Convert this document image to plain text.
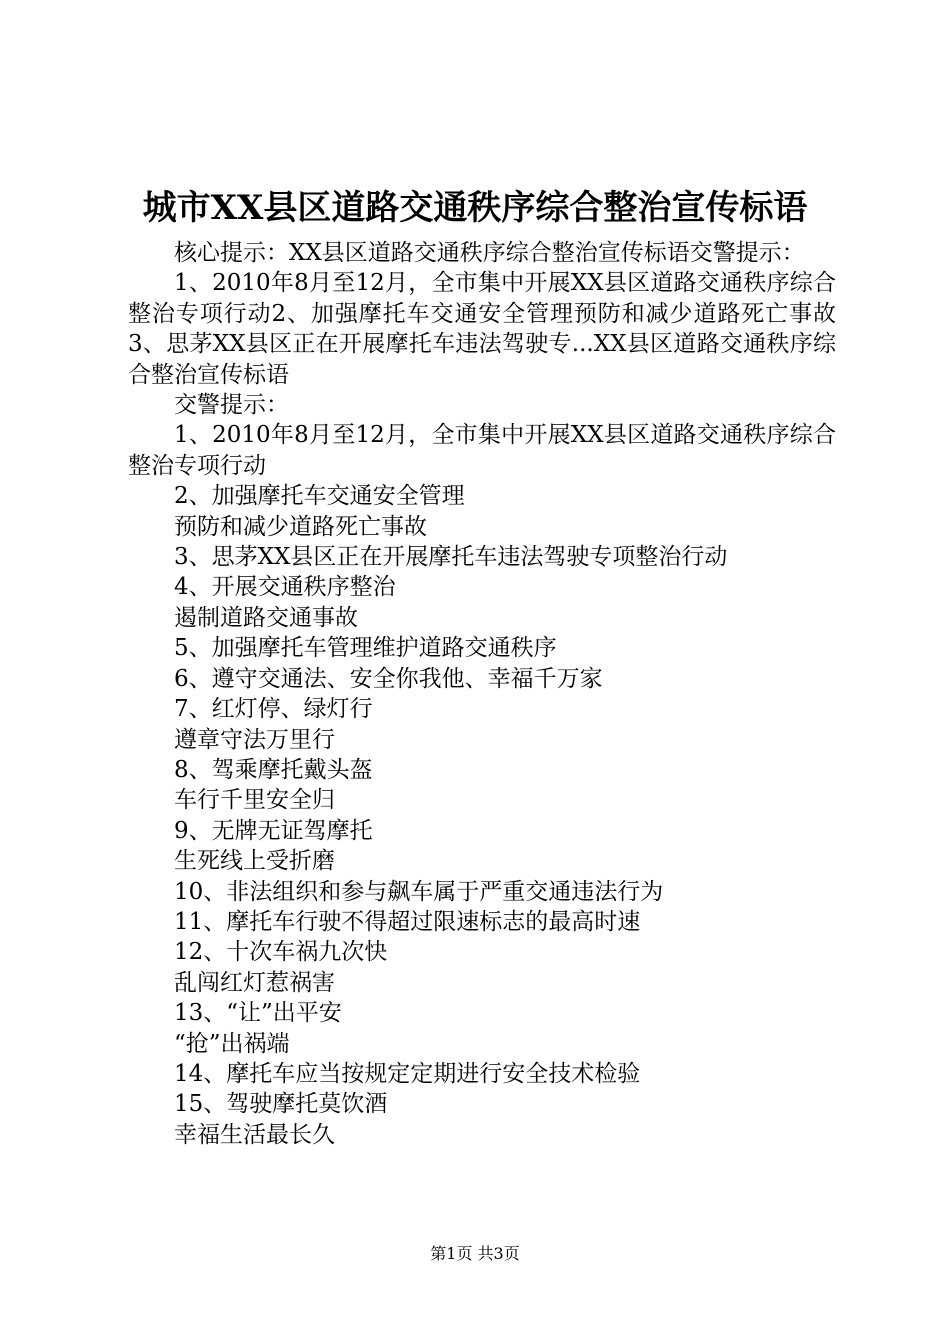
城市XX县区道路交通秩序综合整治宣传标语

核心提示：XX县区道路交通秩序综合整治宣传标语交警提示：

1、2010年8月至12月，全市集中开展XX县区道路交通秩序综合整治专项行动2、加强摩托车交通安全管理预防和减少道路死亡事故3、思茅XX县区正在开展摩托车违法驾驶专...XX县区道路交通秩序综合整治宣传标语

交警提示：

1、2010年8月至12月，全市集中开展XX县区道路交通秩序综合整治专项行动

2、加强摩托车交通安全管理

预防和减少道路死亡事故

3、思茅XX县区正在开展摩托车违法驾驶专项整治行动

4、开展交通秩序整治

遏制道路交通事故

5、加强摩托车管理维护道路交通秩序

6、遵守交通法、安全你我他、幸福千万家

7、红灯停、绿灯行

遵章守法万里行

8、驾乘摩托戴头盔

车行千里安全归

9、无牌无证驾摩托

生死线上受折磨

10、非法组织和参与飙车属于严重交通违法行为

11、摩托车行驶不得超过限速标志的最高时速

12、十次车祸九次快

乱闯红灯惹祸害

13、“让”出平安

“抢”出祸端

14、摩托车应当按规定定期进行安全技术检验

15、驾驶摩托莫饮酒

幸福生活最长久

第1页 共3页
